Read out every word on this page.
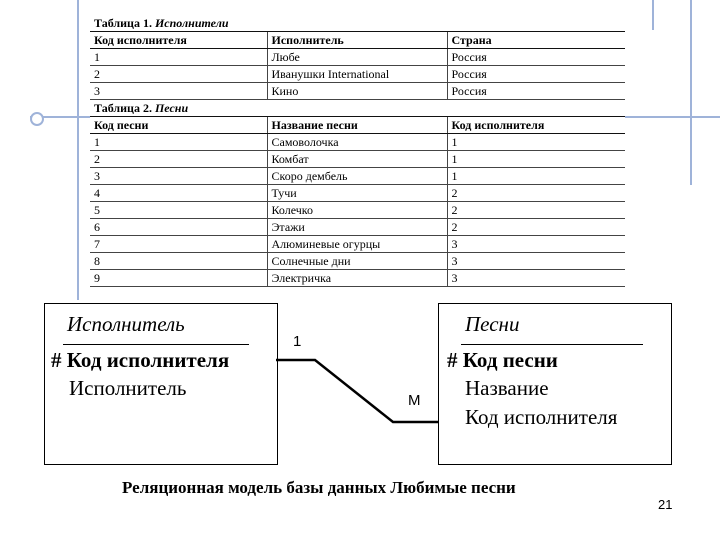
Таблица 1. Исполнители		
Код исполнителя	Исполнитель	Страна
1	Любе	Россия
2	Иванушки International	Россия
3	Кино	Россия
Таблица 2. Песни		
Код песни	Название песни	Код исполнителя
1	Самоволочка	1
2	Комбат	1
3	Скоро дембель	1
4	Тучи	2
5	Колечко	2
6	Этажи	2
7	Алюминевые огурцы	3
8	Солнечные дни	3
9	Электричка	3
Исполнитель
# Код исполнителя
Исполнитель
Песни
# Код песни
Название
Код исполнителя
1
M
Реляционная модель базы данных Любимые песни
21
